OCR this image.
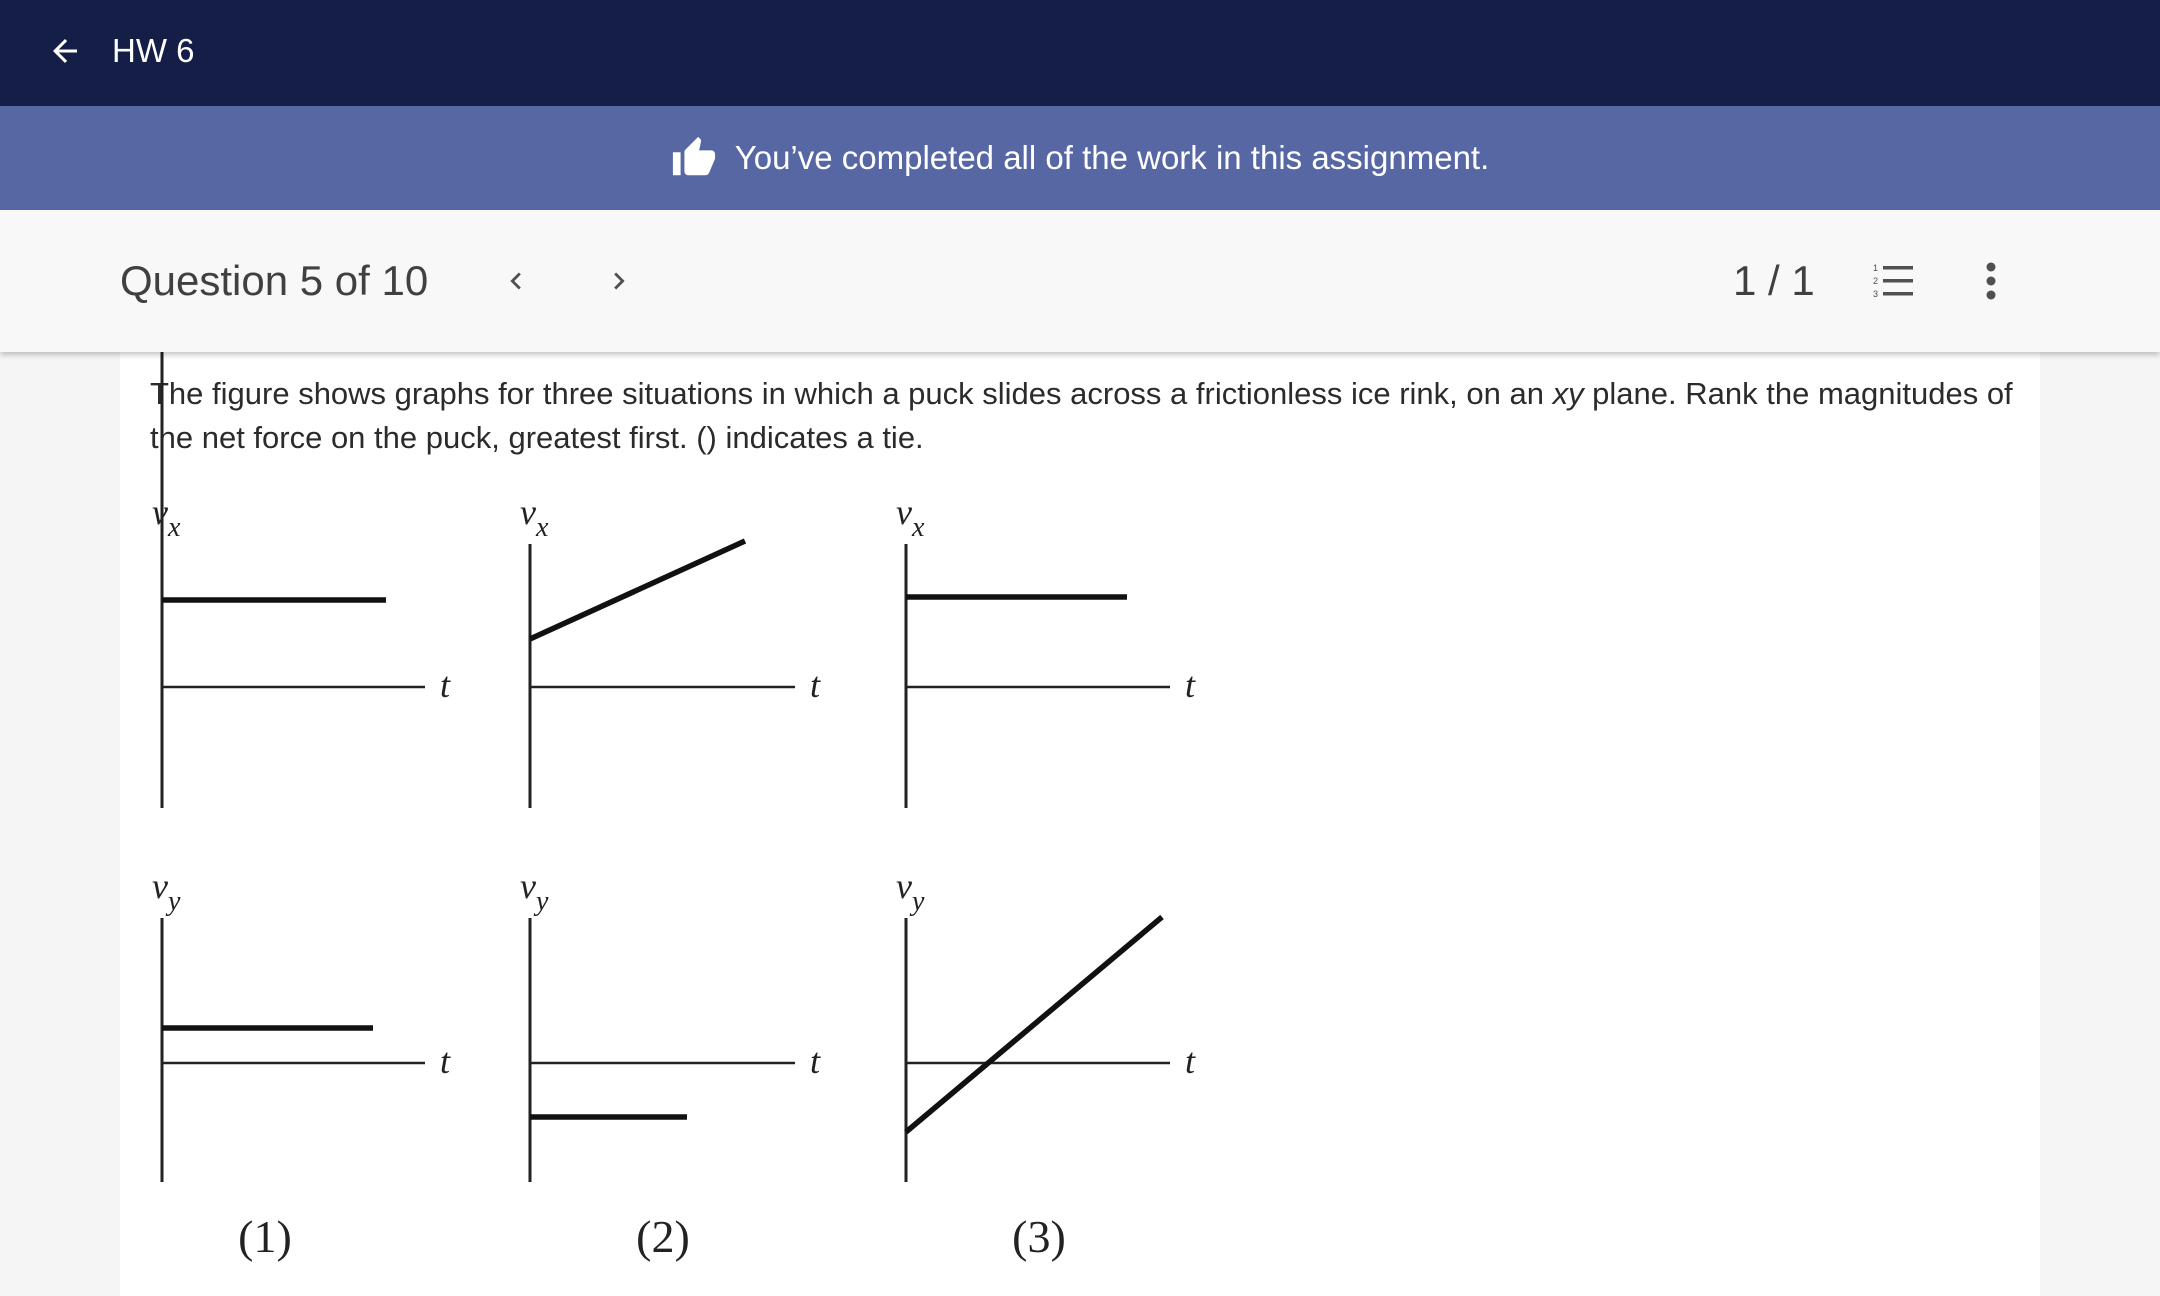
HW 6
You’ve completed all of the work in this assignment.
Question 5 of 10	1 / 1	1
2
3
The figure shows graphs for three situations in which a puck slides across a frictionless ice rink, on an xy plane. Rank the magnitudes of the net force on the puck, greatest first. () indicates a tie.
$v_x$
t
$v_y$
t
(1)
$v_x$
t
$v_y$
t
(2)
$v_x$
t
$v_y$
t
(3)
